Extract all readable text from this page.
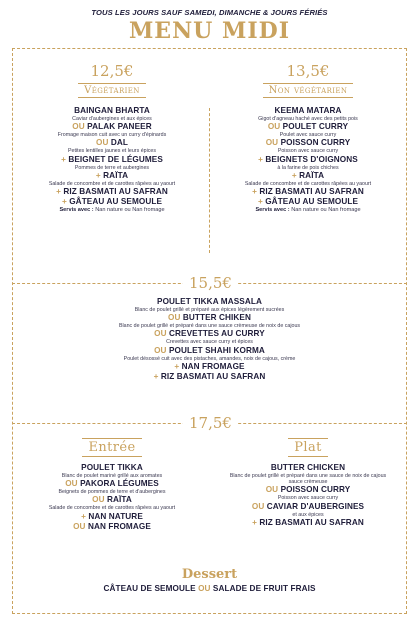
TOUS LES JOURS SAUF SAMEDI, DIMANCHE & JOURS FÉRIÉS
MENU MIDI
12,5€
Végétarien
BAINGAN BHARTA
Caviar d'aubergines et aux épices
OU PALAK PANEER
Fromage maison cuit avec un curry d'épinards
OU DAL
Petites lentilles jaunes et leurs épices
+ BEIGNET DE LÉGUMES
Pommes de terre et aubergines
+ RAÏTA
Salade de concombre et de carottes râpées au yaourt
+ RIZ BASMATI AU SAFRAN
+ GÂTEAU AU SEMOULE
Servis avec : Nan nature ou Nan fromage
13,5€
Non végétarien
KEEMA MATARA
Gigot d'agneau haché avec des petits pois
OU POULET CURRY
Poulet avec sauce curry
OU POISSON CURRY
Poisson avec sauce curry
+ BEIGNETS D'OIGNONS
à la farine de pois chiches
+ RAÏTA
Salade de concombre et de carottes râpées au yaourt
+ RIZ BASMATI AU SAFRAN
+ GÂTEAU AU SEMOULE
Servis avec : Nan nature ou Nan fromage
15,5€
POULET TIKKA MASSALA
Blanc de poulet grillé et préparé aux épices légèrement sucrées
OU BUTTER CHIKEN
Blanc de poulet grillé et préparé dans une sauce crèmeuse de noix de cajous
OU CREVETTES AU CURRY
Crevettes avec sauce curry et épices
OU POULET SHAHI KORMA
Poulet désossé cuit avec des pistaches, amandes, noix de cajous, crème
+ NAN FROMAGE
+ RIZ BASMATI AU SAFRAN
17,5€
Entrée
POULET TIKKA
Blanc de poulet mariné grillé aux aromates
OU PAKORA LÉGUMES
Beignets de pommes de terre et d'aubergines
OU RAÏTA
Salade de concombre et de carottes râpées au yaourt
+ NAN NATURE
OU NAN FROMAGE
Plat
BUTTER CHICKEN
Blanc de poulet grillé et préparé dans une sauce de noix de cajous sauce crèmeuse
OU POISSON CURRY
Poisson avec sauce curry
OU CAVIAR D'AUBERGINES
et aux épices
+ RIZ BASMATI AU SAFRAN
Dessert
CÂTEAU DE SEMOULE OU SALADE DE FRUIT FRAIS
